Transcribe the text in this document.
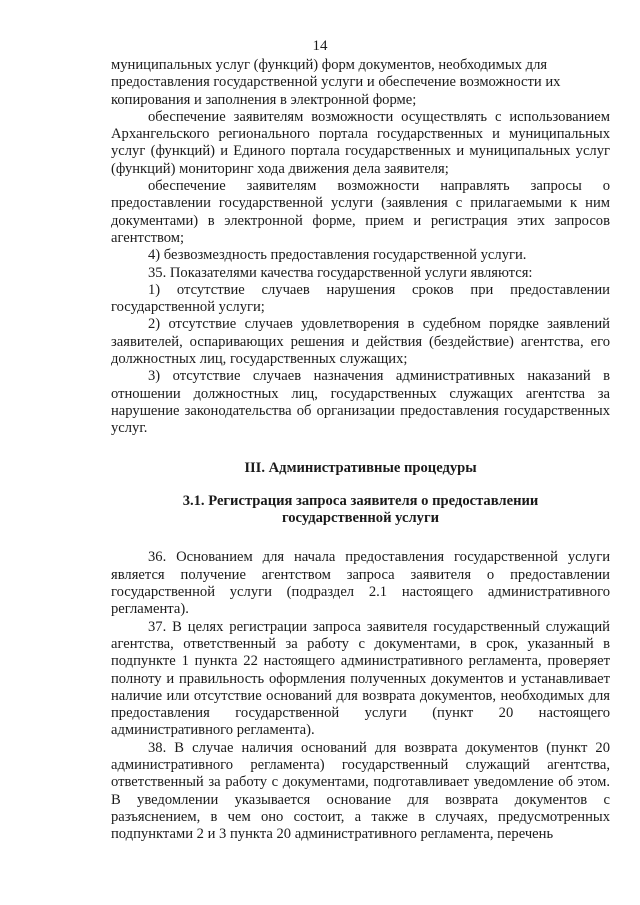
14

муниципальных услуг (функций) форм документов, необходимых для

предоставления государственной услуги и обеспечение возможности их

копирования и заполнения в электронной форме;

обеспечение заявителям возможности осуществлять с использованием Архангельского регионального портала государственных и муниципальных услуг (функций) и Единого портала государственных и муниципальных услуг (функций) мониторинг хода движения дела заявителя;

обеспечение заявителям возможности направлять запросы о предоставлении государственной услуги (заявления с прилагаемыми к ним документами) в электронной форме, прием и регистрация этих запросов агентством;

4) безвозмездность предоставления государственной услуги.

35. Показателями качества государственной услуги являются:

1) отсутствие случаев нарушения сроков при предоставлении государственной услуги;

2) отсутствие случаев удовлетворения в судебном порядке заявлений заявителей, оспаривающих решения и действия (бездействие) агентства, его должностных лиц, государственных служащих;

3) отсутствие случаев назначения административных наказаний в отношении должностных лиц, государственных служащих агентства за нарушение законодательства об организации предоставления государственных услуг.

III. Административные процедуры
3.1. Регистрация запроса заявителя о предоставлении государственной услуги

36. Основанием для начала предоставления государственной услуги является получение агентством запроса заявителя о предоставлении государственной услуги (подраздел 2.1 настоящего административного регламента).

37. В целях регистрации запроса заявителя государственный служащий агентства, ответственный за работу с документами, в срок, указанный в подпункте 1 пункта 22 настоящего административного регламента, проверяет полноту и правильность оформления полученных документов и устанавливает наличие или отсутствие оснований для возврата документов, необходимых для предоставления государственной услуги (пункт 20 настоящего административного регламента).

38. В случае наличия оснований для возврата документов (пункт 20 административного регламента) государственный служащий агентства, ответственный за работу с документами, подготавливает уведомление об этом. В уведомлении указывается основание для возврата документов с разъяснением, в чем оно состоит, а также в случаях, предусмотренных подпунктами 2 и 3 пункта 20 административного регламента, перечень
